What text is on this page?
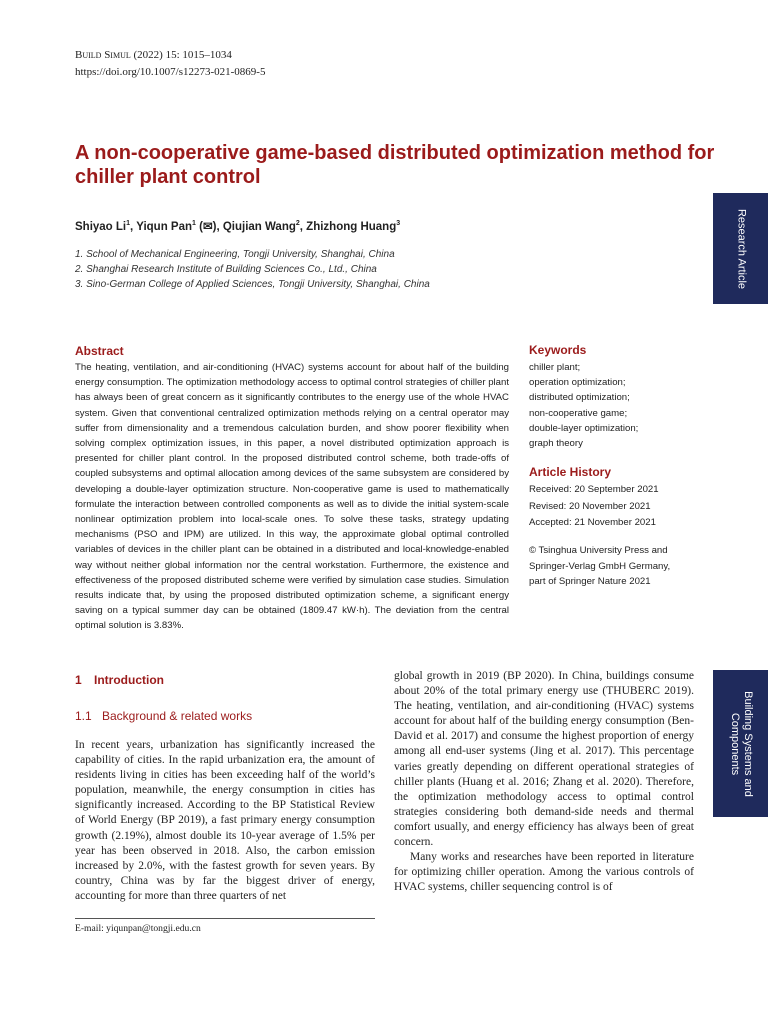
Build Simul (2022) 15: 1015–1034
https://doi.org/10.1007/s12273-021-0869-5
A non-cooperative game-based distributed optimization method for chiller plant control
Shiyao Li$^1$, Yiqun Pan$^1$ (✉), Qiujian Wang$^2$, Zhizhong Huang$^3$
1. School of Mechanical Engineering, Tongji University, Shanghai, China
2. Shanghai Research Institute of Building Sciences Co., Ltd., China
3. Sino-German College of Applied Sciences, Tongji University, Shanghai, China	Research Article
Building Systems and
Components
Abstract
The heating, ventilation, and air-conditioning (HVAC) systems account for about half of the building energy consumption. The optimization methodology access to optimal control strategies of chiller plant has always been of great concern as it significantly contributes to the energy use of the whole HVAC system. Given that conventional centralized optimization methods relying on a central operator may suffer from dimensionality and a tremendous calculation burden, and show poorer flexibility when solving complex optimization issues, in this paper, a novel distributed optimization approach is presented for chiller plant control. In the proposed distributed control scheme, both trade-offs of coupled subsystems and optimal allocation among devices of the same subsystem are considered by developing a double-layer optimization structure. Non-cooperative game is used to mathematically formulate the interaction between controlled components as well as to divide the initial system-scale nonlinear optimization problem into local-scale ones. To solve these tasks, strategy updating mechanisms (PSO and IPM) are utilized. In this way, the approximate global optimal controlled variables of devices in the chiller plant can be obtained in a distributed and local-knowledge-enabled way without neither global information nor the central workstation. Furthermore, the existence and effectiveness of the proposed distributed scheme were verified by simulation case studies. Simulation results indicate that, by using the proposed distributed optimization scheme, a significant energy saving on a typical summer day can be obtained (1809.47 kW·h). The deviation from the central optimal solution is 3.83%.
Keywords
chiller plant;
operation optimization;
distributed optimization;
non-cooperative game;
double-layer optimization;
graph theory
Article History
Received: 20 September 2021
Revised: 20 November 2021
Accepted: 21 November 2021
© Tsinghua University Press and Springer-Verlag GmbH Germany, part of Springer Nature 2021
1 Introduction
1.1 Background & related works

In recent years, urbanization has significantly increased the capability of cities. In the rapid urbanization era, the amount of residents living in cities has been exceeding half of the world’s population, meanwhile, the energy consumption in cities has significantly increased. According to the BP Statistical Review of World Energy (BP 2019), a fast primary energy consumption growth (2.19%), almost double its 10-year average of 1.5% per year has been observed in 2018. Also, the carbon emission increased by 2.0%, with the fastest growth for seven years. By country, China was by far the biggest driver of energy, accounting for more than three quarters of net

global growth in 2019 (BP 2020). In China, buildings consume about 20% of the total primary energy use (THUBERC 2019). The heating, ventilation, and air-conditioning (HVAC) systems account for about half of the building energy consumption (Ben-David et al. 2017) and consume the highest proportion of energy among all end-user systems (Jing et al. 2017). This percentage varies greatly depending on different operational strategies of chiller plants (Huang et al. 2016; Zhang et al. 2020). Therefore, the optimization methodology access to optimal control strategies considering both demand-side needs and thermal comfort usually, and energy efficiency has always been of great concern.

Many works and researches have been reported in literature for optimizing chiller operation. Among the various controls of HVAC systems, chiller sequencing control is of

E-mail: yiqunpan@tongji.edu.cn
